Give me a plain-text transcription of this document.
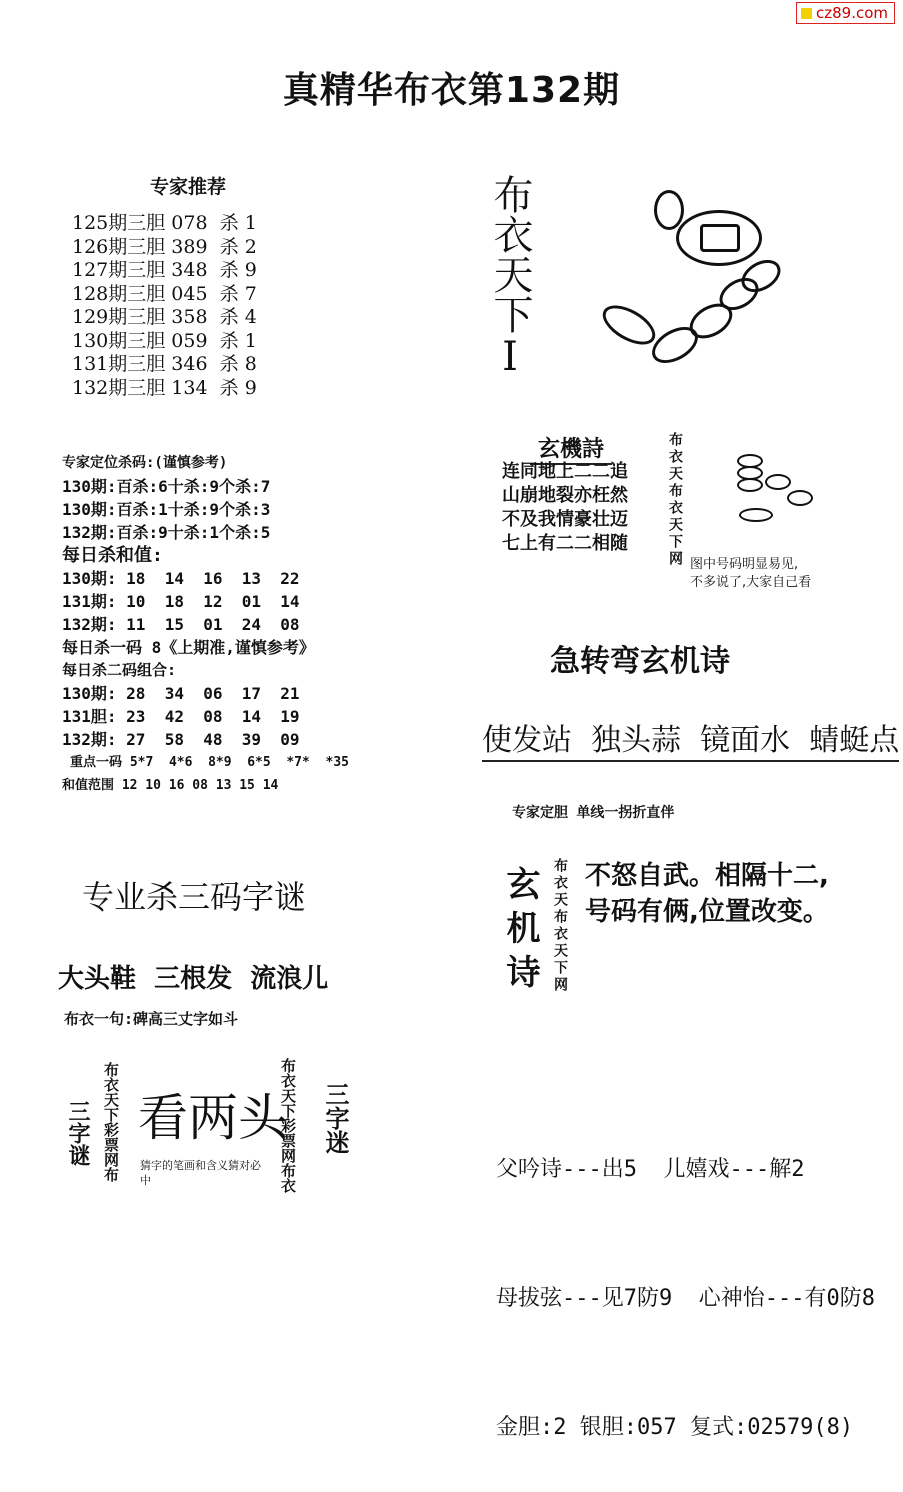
cz89.com
真精华布衣第132期
专家推荐
125期三胆 078  杀 1
126期三胆 389  杀 2
127期三胆 348  杀 9
128期三胆 045  杀 7
129期三胆 358  杀 4
130期三胆 059  杀 1
131期三胆 346  杀 8
132期三胆 134  杀 9
专家定位杀码:(谨慎参考)
130期:百杀:6十杀:9个杀:7
130期:百杀:1十杀:9个杀:3
132期:百杀:9十杀:1个杀:5
每日杀和值:
130期: 18  14  16  13  22
131期: 10  18  12  01  14
132期: 11  15  01  24  08
每日杀一码 8《上期准,谨慎参考》
每日杀二码组合:
130期: 28  34  06  17  21
131胆: 23  42  08  14  19
132期: 27  58  48  39  09
重点一码 5*7  4*6  8*9  6*5  *7*  *35
和值范围 12 10 16 08 13 15 14
专业杀三码字谜
大头鞋  三根发  流浪儿
布衣一句:碑高三丈字如斗
三字谜 布衣天下彩票网布 看两头
猜字的笔画和含义猜对必中	布衣天下彩票网布衣 三字迷
布衣天下I
玄機詩
连同地上二二追
山崩地裂亦枉然
不及我情豪壮迈
七上有二二相随	布衣天布衣天下网 图中号码明显易见,
不多说了,大家自己看
急转弯玄机诗
使发站  独头蒜  镜面水  蜻蜓点
专家定胆 单线一拐折直伴
玄机诗 布衣天布衣天下网 不怒自武。相隔十二,
号码有俩,位置改变。

父吟诗---出5  儿嬉戏---解2

母拔弦---见7防9  心神怡---有0防8

金胆:2 银胆:057 复式:02579(8)
